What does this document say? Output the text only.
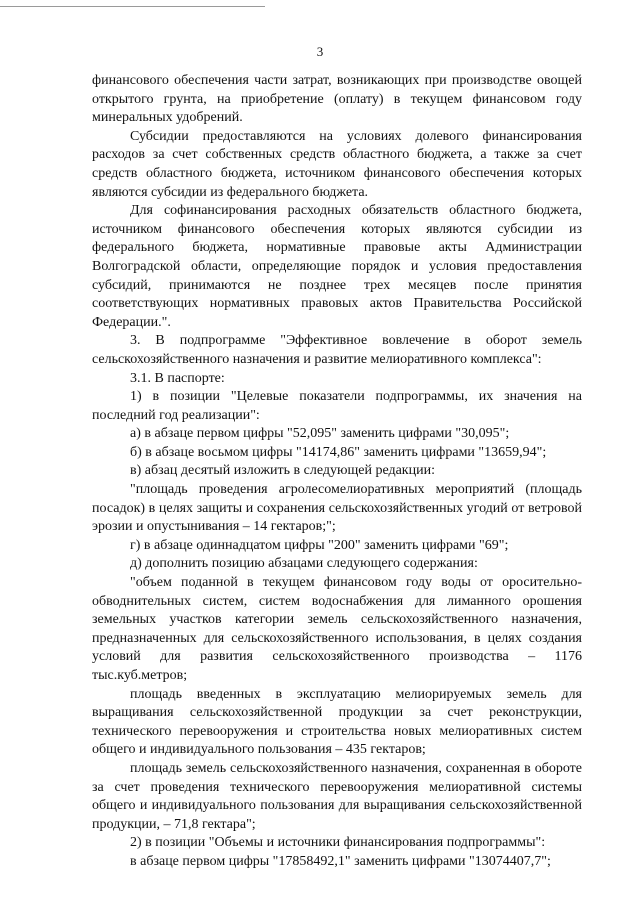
3

финансового обеспечения части затрат, возникающих при производстве овощей открытого грунта, на приобретение (оплату) в текущем финансовом году минеральных удобрений.

Субсидии предоставляются на условиях долевого финансирования расходов за счет собственных средств областного бюджета, а также за счет средств областного бюджета, источником финансового обеспечения которых являются субсидии из федерального бюджета.

Для софинансирования расходных обязательств областного бюджета, источником финансового обеспечения которых являются субсидии из федерального бюджета, нормативные правовые акты Администрации Волгоградской области, определяющие порядок и условия предоставления субсидий, принимаются не позднее трех месяцев после принятия соответствующих нормативных правовых актов Правительства Российской Федерации.".

3. В подпрограмме "Эффективное вовлечение в оборот земель сельскохозяйственного назначения и развитие мелиоративного комплекса":

3.1. В паспорте:

1) в позиции "Целевые показатели подпрограммы, их значения на последний год реализации":

а) в абзаце первом цифры "52,095" заменить цифрами "30,095";

б) в абзаце восьмом цифры "14174,86" заменить цифрами "13659,94";

в) абзац десятый изложить в следующей редакции:

"площадь проведения агролесомелиоративных мероприятий (площадь посадок) в целях защиты и сохранения сельскохозяйственных угодий от ветровой эрозии и опустынивания – 14 гектаров;";

г) в абзаце одиннадцатом цифры "200" заменить цифрами "69";

д) дополнить позицию абзацами следующего содержания:

"объем поданной в текущем финансовом году воды от оросительно-обводнительных систем, систем водоснабжения для лиманного орошения земельных участков категории земель сельскохозяйственного назначения, предназначенных для сельскохозяйственного использования, в целях создания условий для развития сельскохозяйственного производства – 1176 тыс.куб.метров;

площадь введенных в эксплуатацию мелиорируемых земель для выращивания сельскохозяйственной продукции за счет реконструкции, технического перевооружения и строительства новых мелиоративных систем общего и индивидуального пользования – 435 гектаров;

площадь земель сельскохозяйственного назначения, сохраненная в обороте за счет проведения технического перевооружения мелиоративной системы общего и индивидуального пользования для выращивания сельскохозяйственной продукции, – 71,8 гектара";

2) в позиции "Объемы и источники финансирования подпрограммы":

в абзаце первом цифры "17858492,1" заменить цифрами "13074407,7";
